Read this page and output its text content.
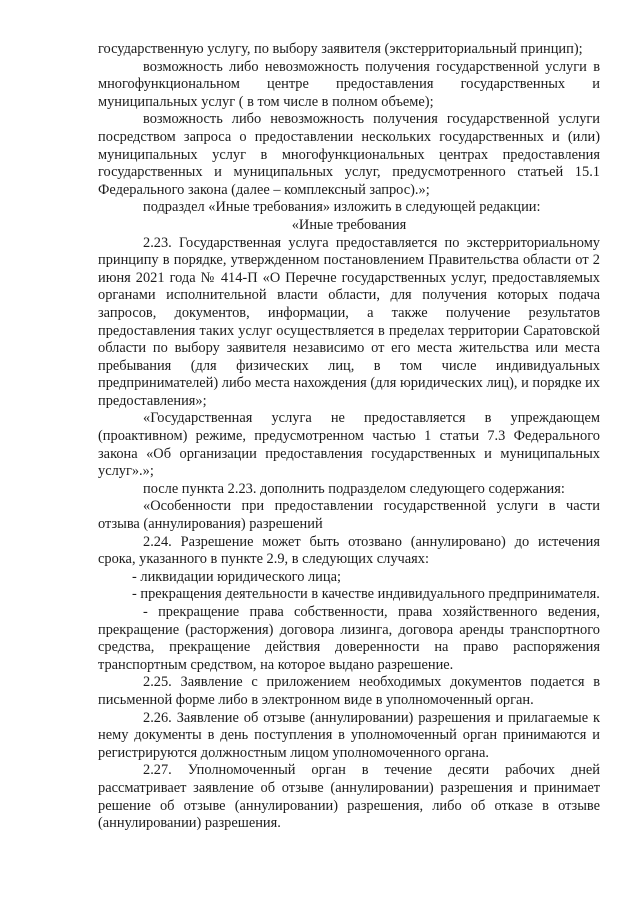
государственную услугу, по выбору заявителя (экстерриториальный принцип);

возможность либо невозможность получения государственной услуги в многофункциональном центре предоставления государственных и муниципальных услуг ( в том числе в полном объеме);

возможность либо невозможность получения государственной услуги посредством запроса о предоставлении нескольких государственных и (или) муниципальных услуг в многофункциональных центрах предоставления государственных и муниципальных услуг, предусмотренного статьей 15.1 Федерального закона (далее – комплексный запрос).»;

подраздел «Иные требования» изложить в следующей редакции:

«Иные требования

2.23. Государственная услуга предоставляется по экстерриториальному принципу в порядке, утвержденном постановлением Правительства области от 2 июня 2021 года № 414-П «О Перечне государственных услуг, предоставляемых органами исполнительной власти области, для получения которых подача запросов, документов, информации, а также получение результатов предоставления таких услуг осуществляется в пределах территории Саратовской области по выбору заявителя независимо от его места жительства или места пребывания (для физических лиц, в том числе индивидуальных предпринимателей) либо места нахождения (для юридических лиц), и порядке их предоставления»;

«Государственная услуга не предоставляется в упреждающем (проактивном) режиме, предусмотренном частью 1 статьи 7.3 Федерального закона «Об организации предоставления государственных и муниципальных услуг».»;

после пункта 2.23. дополнить подразделом следующего содержания:

«Особенности при предоставлении государственной услуги в части отзыва (аннулирования) разрешений

2.24. Разрешение может быть отозвано (аннулировано) до истечения срока, указанного в пункте 2.9, в следующих случаях:

- ликвидации юридического лица;

- прекращения деятельности в качестве индивидуального предпринимателя.

- прекращение права собственности, права хозяйственного ведения, прекращение (расторжения) договора лизинга, договора аренды транспортного средства, прекращение действия доверенности на право распоряжения транспортным средством, на которое выдано разрешение.

2.25. Заявление с приложением необходимых документов подается в письменной форме либо в электронном виде в уполномоченный орган.

2.26. Заявление об отзыве (аннулировании) разрешения и прилагаемые к нему документы в день поступления в уполномоченный орган принимаются и регистрируются должностным лицом уполномоченного органа.

2.27. Уполномоченный орган в течение десяти рабочих дней рассматривает заявление об отзыве (аннулировании) разрешения и принимает решение об отзыве (аннулировании) разрешения, либо об отказе в отзыве (аннулировании) разрешения.
